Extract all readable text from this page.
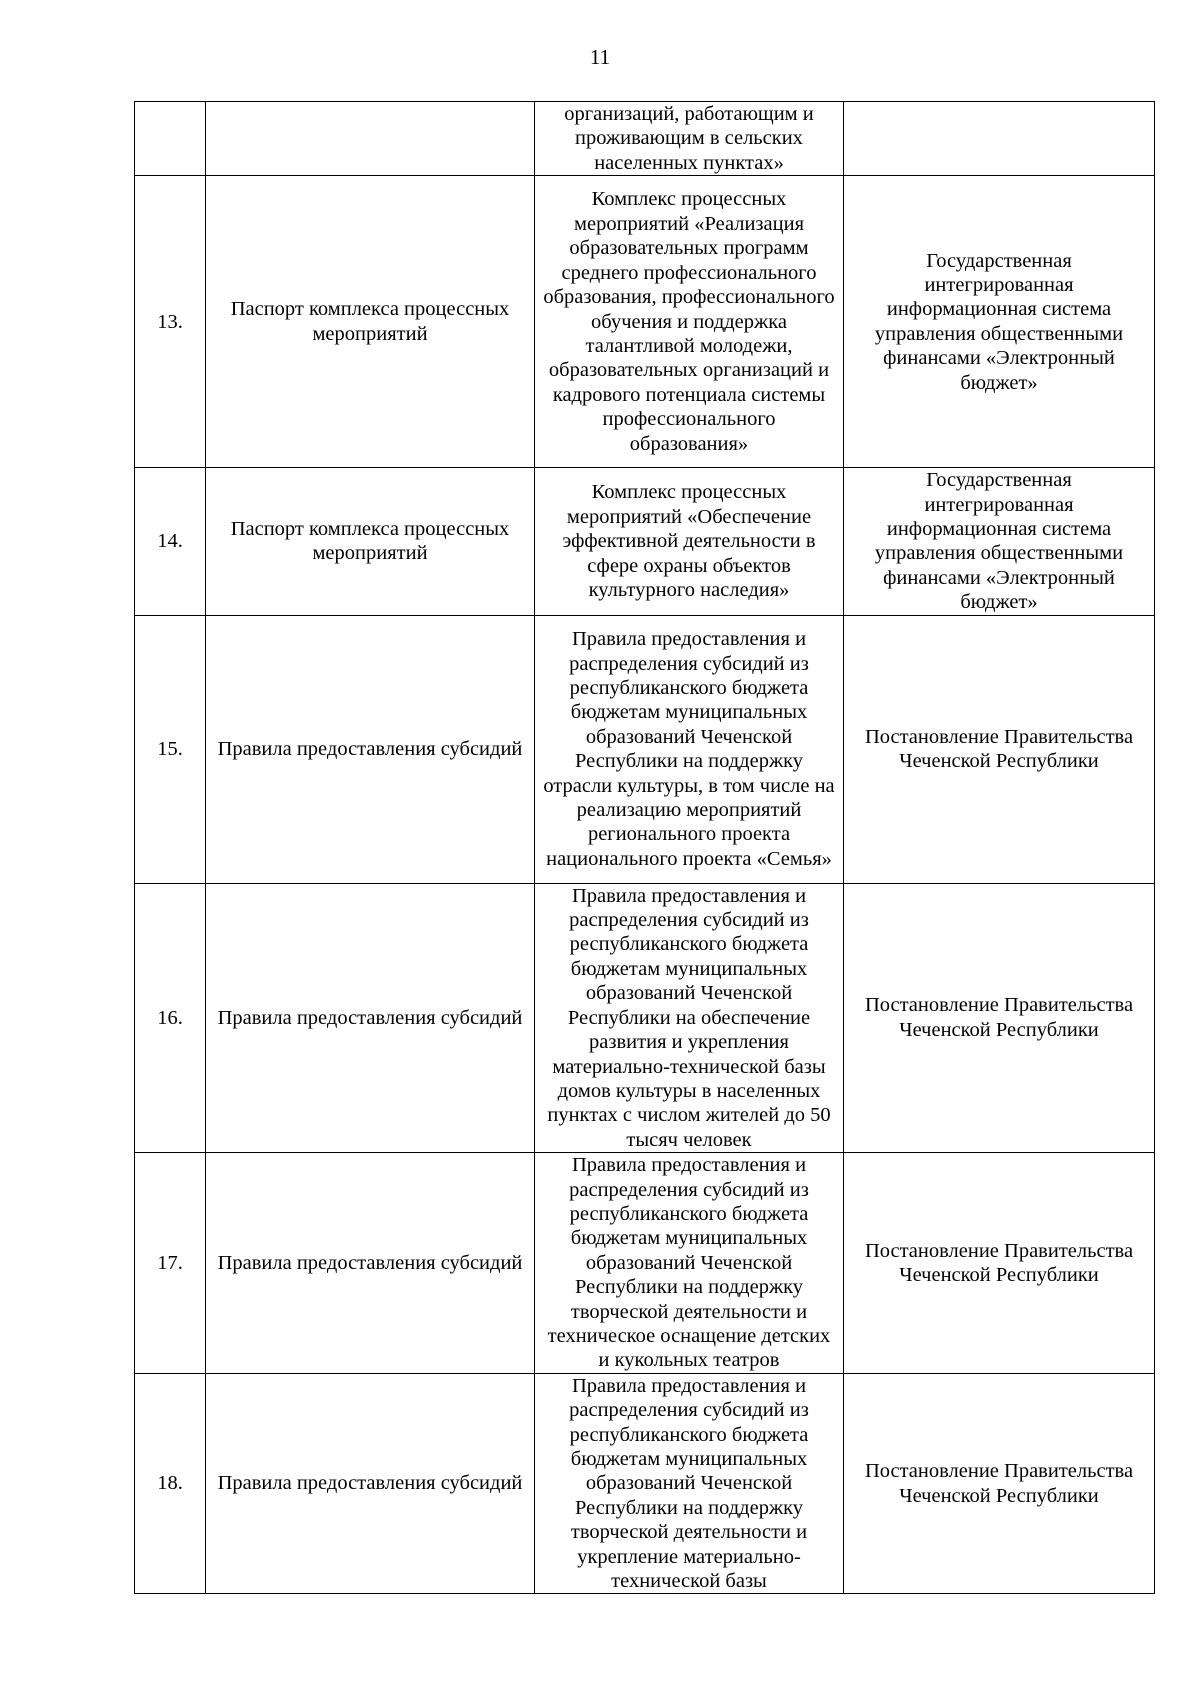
11
		организаций, работающим и проживающим в сельских населенных пунктах»	
13.	Паспорт комплекса процессных мероприятий	Комплекс процессных мероприятий «Реализация образовательных программ среднего профессионального образования, профессионального обучения и поддержка талантливой молодежи, образовательных организаций и кадрового потенциала системы профессионального образования»	Государственная интегрированная информационная система управления общественными финансами «Электронный бюджет»
14.	Паспорт комплекса процессных мероприятий	Комплекс процессных мероприятий «Обеспечение эффективной деятельности в сфере охраны объектов культурного наследия»	Государственная интегрированная информационная система управления общественными финансами «Электронный бюджет»
15.	Правила предоставления субсидий	Правила предоставления и распределения субсидий из республиканского бюджета бюджетам муниципальных образований Чеченской Республики на поддержку отрасли культуры, в том числе на реализацию мероприятий регионального проекта национального проекта «Семья»	Постановление Правительства Чеченской Республики
16.	Правила предоставления субсидий	Правила предоставления и распределения субсидий из республиканского бюджета бюджетам муниципальных образований Чеченской Республики на обеспечение развития и укрепления материально-технической базы домов культуры в населенных пунктах с числом жителей до 50 тысяч человек	Постановление Правительства Чеченской Республики
17.	Правила предоставления субсидий	Правила предоставления и распределения субсидий из республиканского бюджета бюджетам муниципальных образований Чеченской Республики на поддержку творческой деятельности и техническое оснащение детских и кукольных театров	Постановление Правительства Чеченской Республики
18.	Правила предоставления субсидий	Правила предоставления и распределения субсидий из республиканского бюджета бюджетам муниципальных образований Чеченской Республики на поддержку творческой деятельности и укрепление материально-технической базы	Постановление Правительства Чеченской Республики
